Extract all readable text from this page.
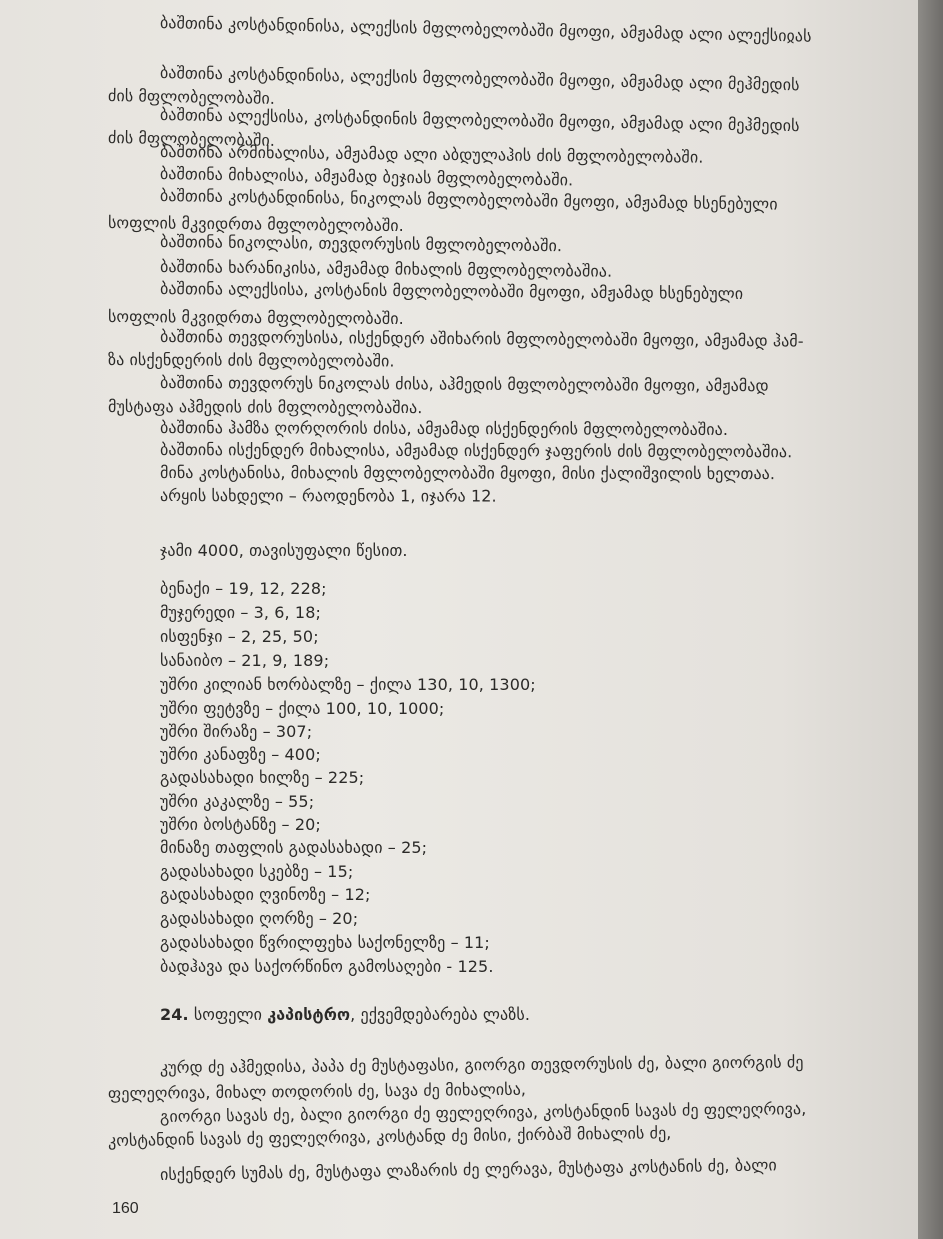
ბაშთინა კოსტანდინისა, ალექსის მფლობელობაში მყოფი, ამჟამად ალი ალექსიჲას
ბაშთინა კოსტანდინისა, ალექსის მფლობელობაში მყოფი, ამჟამად ალი მეჰმედის
ძის მფლობელობაში.
ბაშთინა ალექსისა, კოსტანდინის მფლობელობაში მყოფი, ამჟამად ალი მეჰმედის
ძის მფლობელობაში.
ბაშთინა არმიხალისა, ამჟამად ალი აბდულაჰის ძის მფლობელობაში.
ბაშთინა მიხალისა, ამჟამად ბეჯიას მფლობელობაში.
ბაშთინა კოსტანდინისა, ნიკოლას მფლობელობაში მყოფი, ამჟამად ხსენებული
სოფლის მკვიდრთა მფლობელობაში.
ბაშთინა ნიკოლასი, თევდორუსის მფლობელობაში.
ბაშთინა ხარანიკისა, ამჟამად მიხალის მფლობელობაშია.
ბაშთინა ალექსისა, კოსტანის მფლობელობაში მყოფი, ამჟამად ხსენებული
სოფლის მკვიდრთა მფლობელობაში.
ბაშთინა თევდორუსისა, ისქენდერ აშიხარის მფლობელობაში მყოფი, ამჟამად ჰამ-
ზა ისქენდერის ძის მფლობელობაში.
ბაშთინა თევდორუს ნიკოლას ძისა, აჰმედის მფლობელობაში მყოფი, ამჟამად
მუსტაფა აჰმედის ძის მფლობელობაშია.
ბაშთინა ჰამზა ღორღორის ძისა, ამჟამად ისქენდერის მფლობელობაშია.
ბაშთინა ისქენდერ მიხალისა, ამჟამად ისქენდერ ჯაფერის ძის მფლობელობაშია.
მინა კოსტანისა, მიხალის მფლობელობაში მყოფი, მისი ქალიშვილის ხელთაა.
არყის სახდელი – რაოდენობა 1, იჯარა 12.
ჯამი 4000, თავისუფალი წესით.
ბენაქი – 19, 12, 228;
მუჯერედი – 3, 6, 18;
ისფენჯი – 2, 25, 50;
სანაიბო – 21, 9, 189;
უშრი კილიან ხორბალზე – ქილა 130, 10, 1300;
უშრი ფეტვზე – ქილა 100, 10, 1000;
უშრი შირაზე – 307;
უშრი კანაფზე – 400;
გადასახადი ხილზე – 225;
უშრი კაკალზე – 55;
უშრი ბოსტანზე – 20;
მინაზე თაფლის გადასახადი – 25;
გადასახადი სკებზე – 15;
გადასახადი ღვინოზე – 12;
გადასახადი ღორზე – 20;
გადასახადი წვრილფეხა საქონელზე – 11;
ბადჰავა და საქორწინო გამოსაღები - 125.
24. სოფელი კაპისტრო, ექვემდებარება ლაზს.
კურდ ძე აჰმედისა, პაპა ძე მუსტაფასი, გიორგი თევდორუსის ძე, ბალი გიორგის ძე
ფელეღრივა, მიხალ თოდორის ძე, სავა ძე მიხალისა,
გიორგი სავას ძე, ბალი გიორგი ძე ფელეღრივა, კოსტანდინ სავას ძე ფელეღრივა,
კოსტანდინ სავას ძე ფელეღრივა, კოსტანდ ძე მისი, ქირბაშ მიხალის ძე,
ისქენდერ სუმას ძე, მუსტაფა ლაზარის ძე ლერავა, მუსტაფა კოსტანის ძე, ბალი
160
